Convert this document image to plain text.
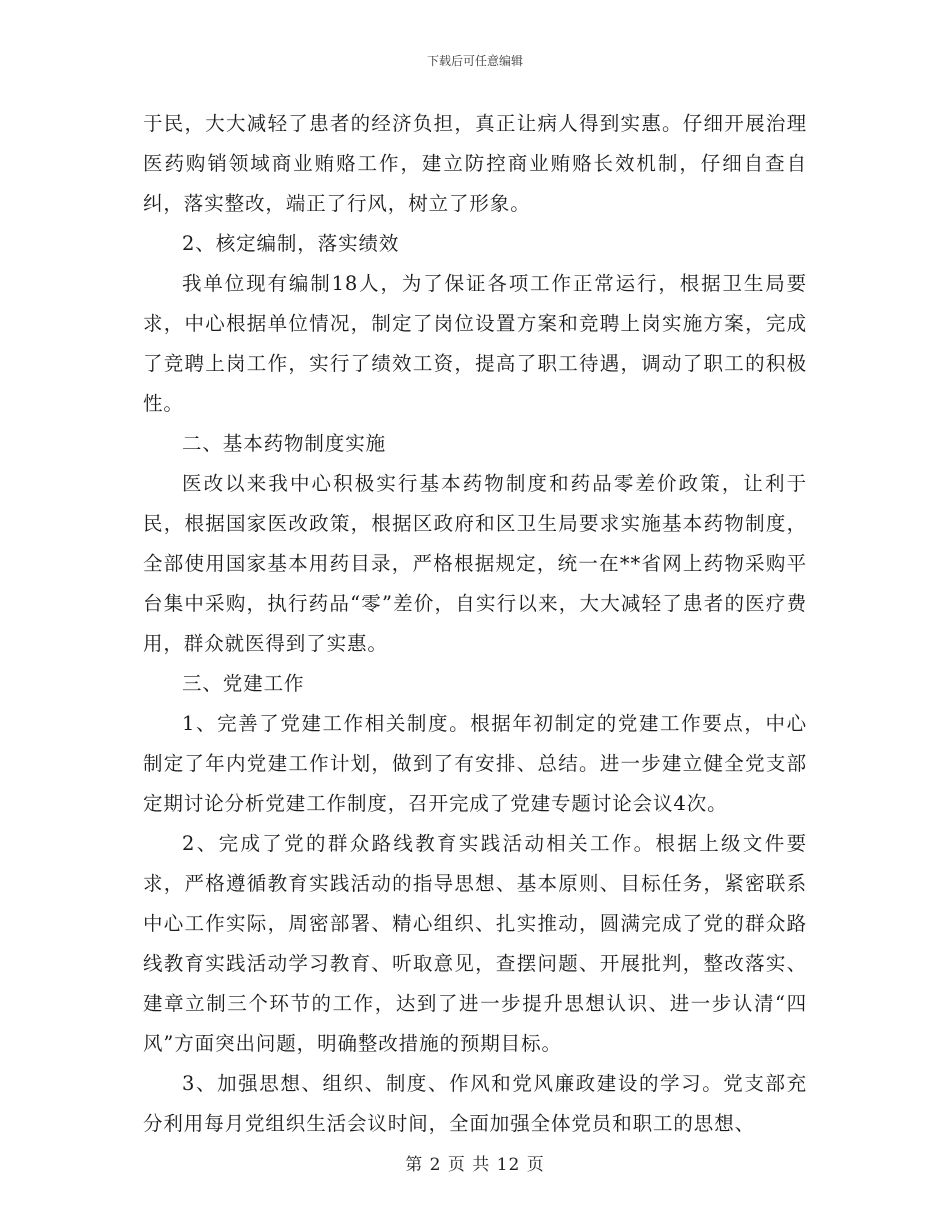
下载后可任意编辑

于民，大大减轻了患者的经济负担，真正让病人得到实惠。仔细开展治理医药购销领域商业贿赂工作，建立防控商业贿赂长效机制，仔细自查自纠，落实整改，端正了行风，树立了形象。

2、核定编制，落实绩效

我单位现有编制18人，为了保证各项工作正常运行，根据卫生局要求，中心根据单位情况，制定了岗位设置方案和竞聘上岗实施方案，完成了竞聘上岗工作，实行了绩效工资，提高了职工待遇，调动了职工的积极性。

二、基本药物制度实施

医改以来我中心积极实行基本药物制度和药品零差价政策，让利于民，根据国家医改政策，根据区政府和区卫生局要求实施基本药物制度，全部使用国家基本用药目录，严格根据规定，统一在**省网上药物采购平台集中采购，执行药品“零”差价，自实行以来，大大减轻了患者的医疗费用，群众就医得到了实惠。

三、党建工作

1、完善了党建工作相关制度。根据年初制定的党建工作要点，中心制定了年内党建工作计划，做到了有安排、总结。进一步建立健全党支部定期讨论分析党建工作制度，召开完成了党建专题讨论会议4次。

2、完成了党的群众路线教育实践活动相关工作。根据上级文件要求，严格遵循教育实践活动的指导思想、基本原则、目标任务，紧密联系中心工作实际，周密部署、精心组织、扎实推动，圆满完成了党的群众路线教育实践活动学习教育、听取意见，查摆问题、开展批判，整改落实、建章立制三个环节的工作，达到了进一步提升思想认识、进一步认清“四风”方面突出问题，明确整改措施的预期目标。

3、加强思想、组织、制度、作风和党风廉政建设的学习。党支部充分利用每月党组织生活会议时间，全面加强全体党员和职工的思想、

第 2 页 共 12 页
